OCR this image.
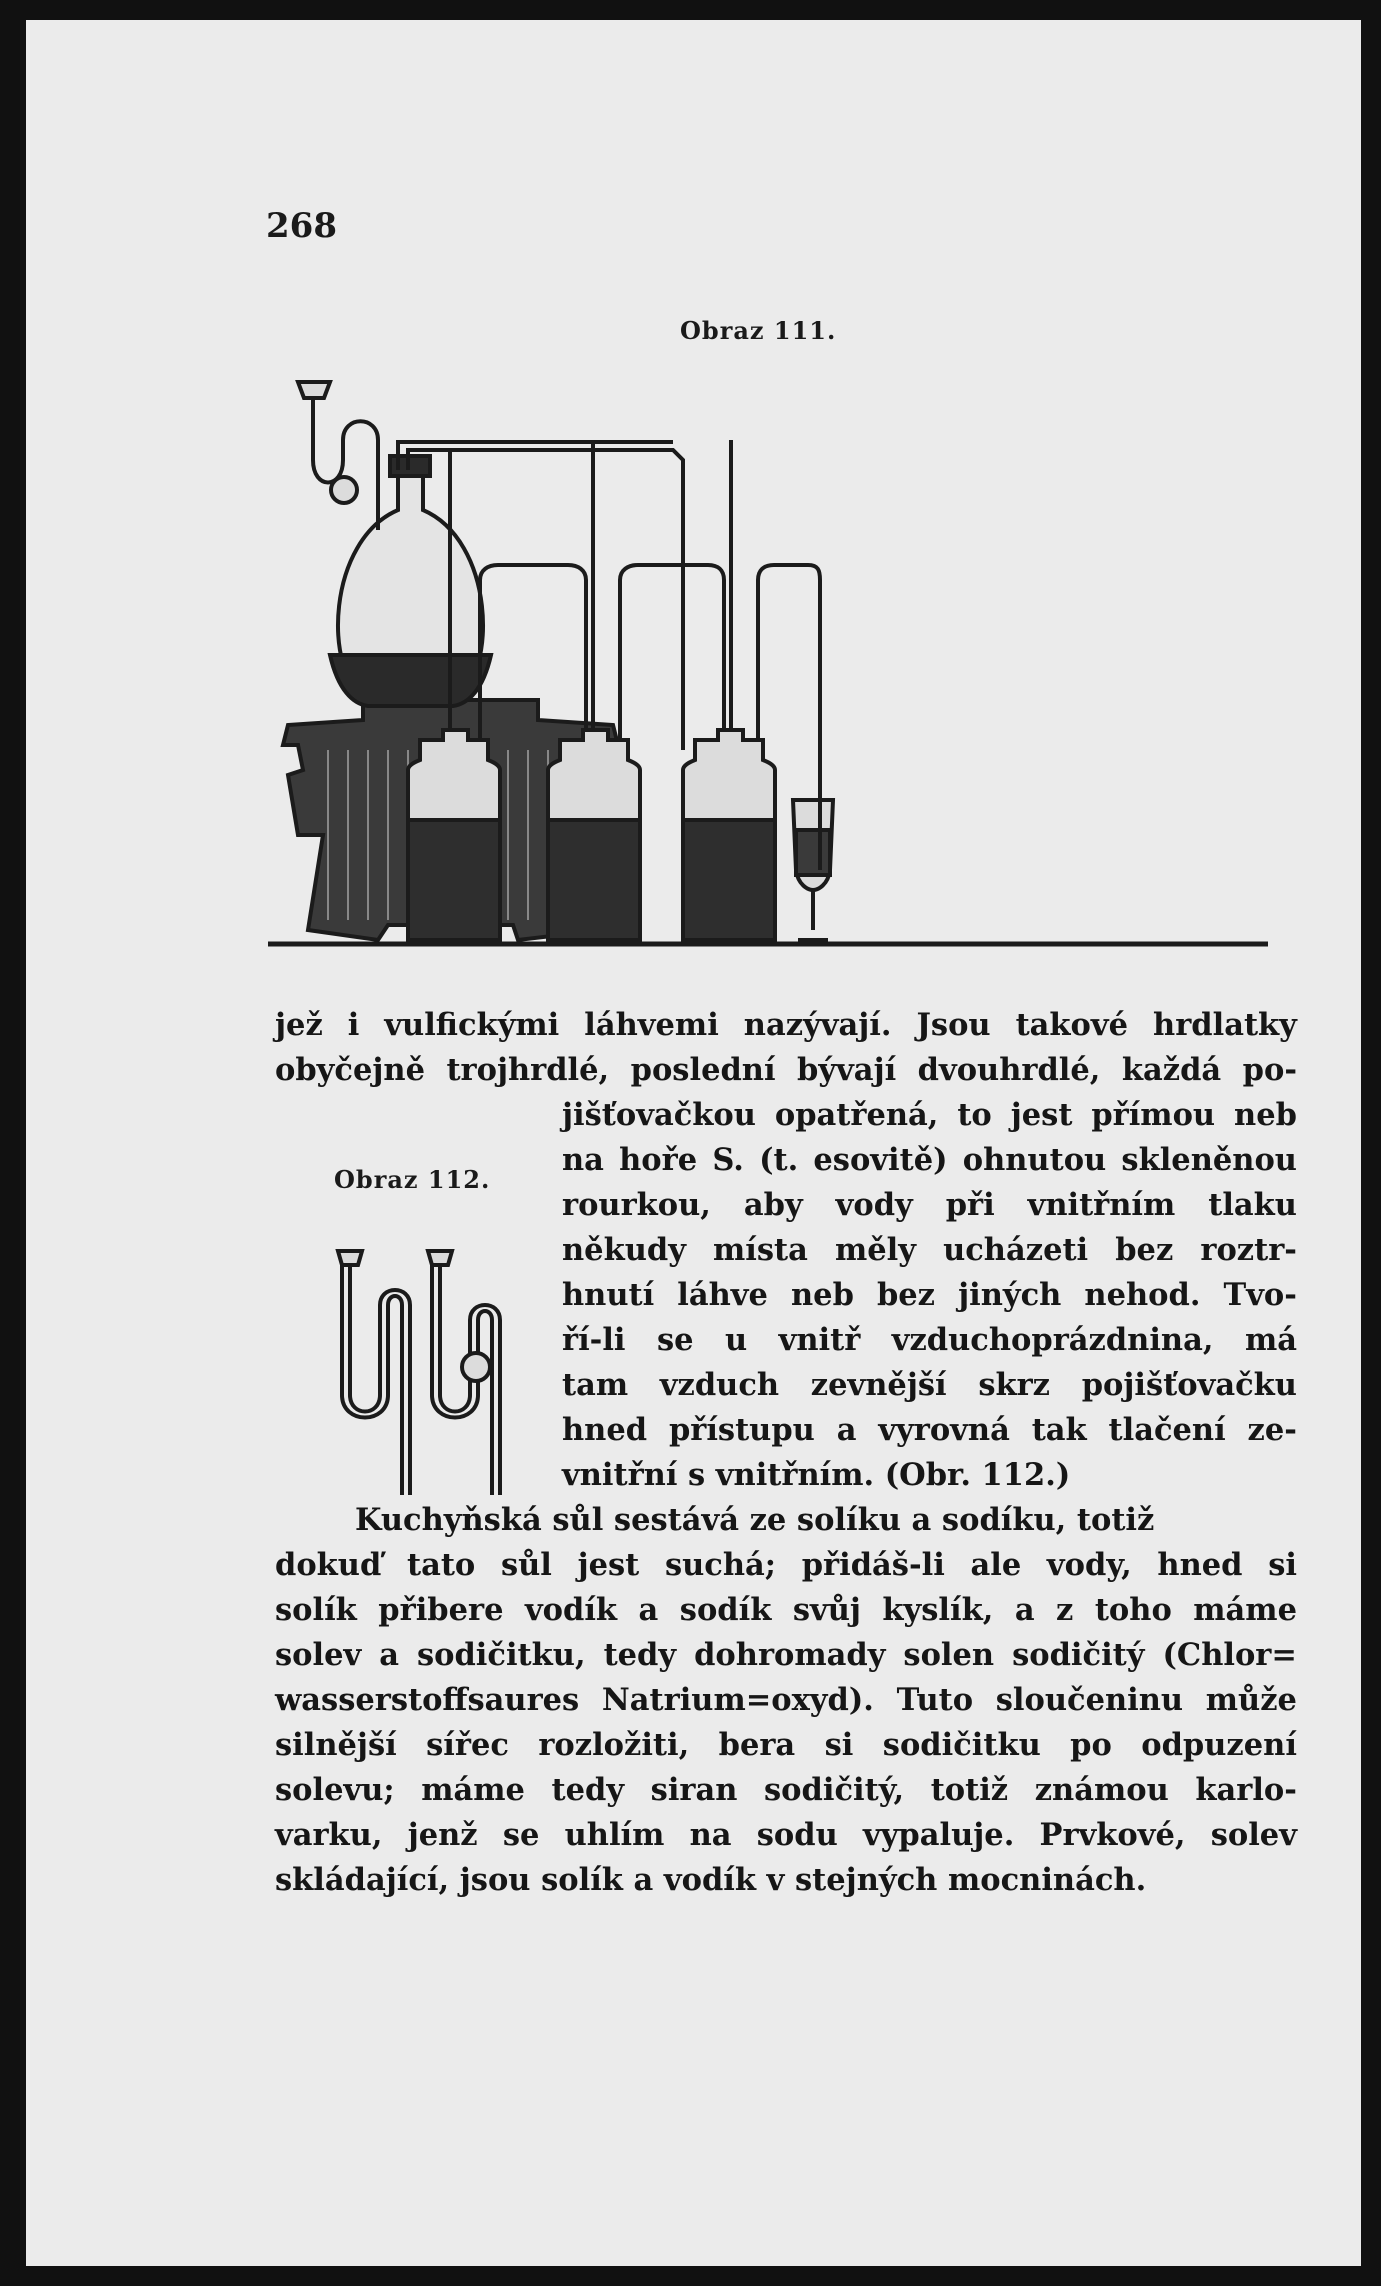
268
Obraz 111.
Obraz 112.
jež i vulfickými láhvemi nazývají. Jsou takové hrdlatky
obyčejně trojhrdlé, poslední bývají dvouhrdlé, každá po-
jišťovačkou opatřená, to jest přímou neb
na hoře S. (t. esovitě) ohnutou skleněnou
rourkou, aby vody při vnitřním tlaku
někudy místa měly ucházeti bez roztr-
hnutí láhve neb bez jiných nehod. Tvo-
ří-li se u vnitř vzduchoprázdnina, má
tam vzduch zevnější skrz pojišťovačku
hned přístupu a vyrovná tak tlačení ze-
vnitřní s vnitřním. (Obr. 112.)
Kuchyňská sůl sestává ze solíku a sodíku, totiž
dokuď tato sůl jest suchá; přidáš-li ale vody, hned si
solík přibere vodík a sodík svůj kyslík, a z toho máme
solev a sodičitku, tedy dohromady solen sodičitý (Chlor=
wasserstoffsaures Natrium=oxyd). Tuto sloučeninu může
silnější sířec rozložiti, bera si sodičitku po odpuzení
solevu; máme tedy siran sodičitý, totiž známou karlo-
varku, jenž se uhlím na sodu vypaluje. Prvkové, solev
skládající, jsou solík a vodík v stejných mocninách.
